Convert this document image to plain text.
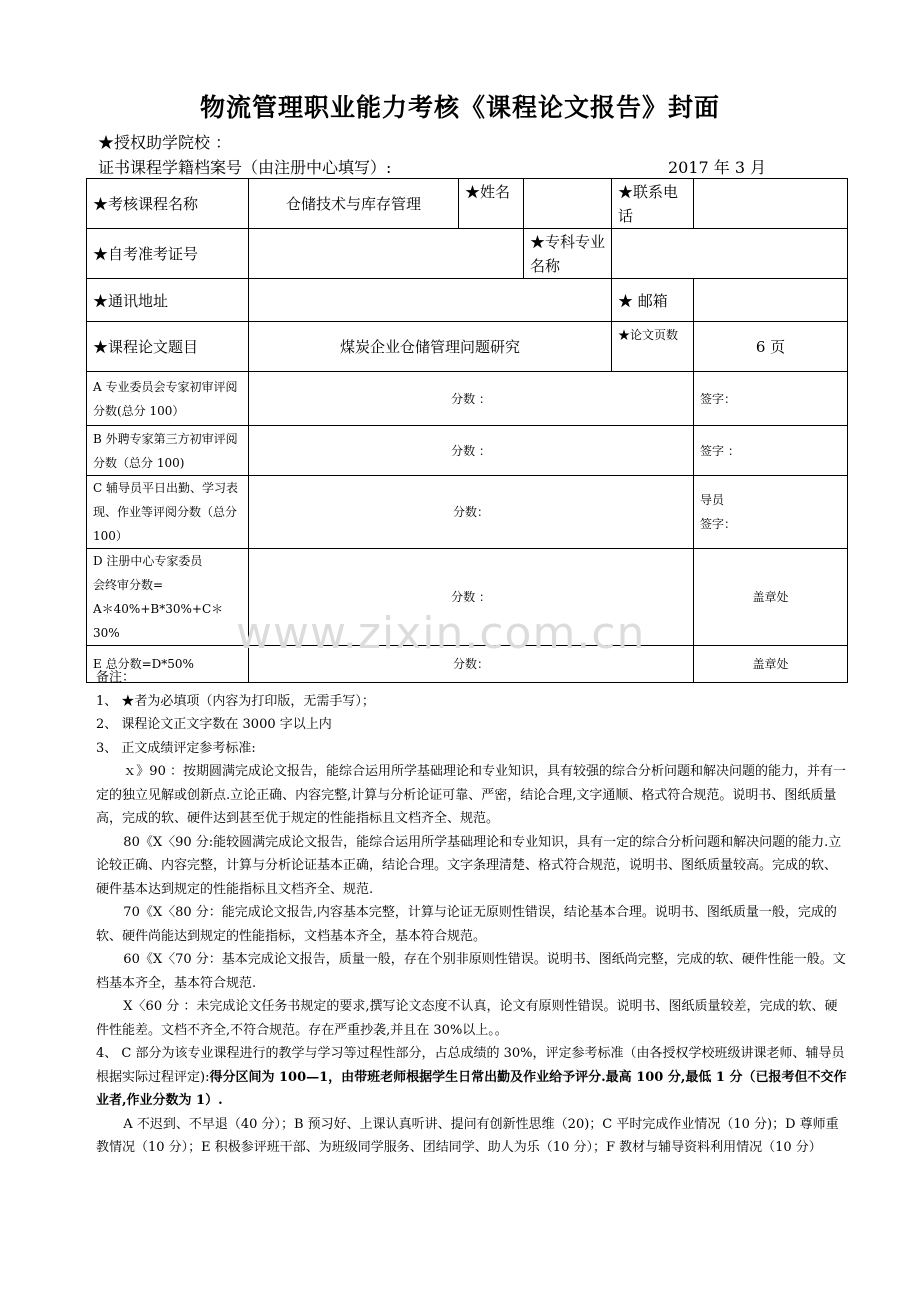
物流管理职业能力考核《课程论文报告》封面
★授权助学院校 ：
证书课程学籍档案号（由注册中心填写）:	2017 年 3 月
★考核课程名称	仓储技术与库存管理	★姓名		★联系电话	
★自考准考证号			★专科专业名称		
★通讯地址				★ 邮箱	
★课程论文题目	煤炭企业仓储管理问题研究			★论文页数	6 页
A 专业委员会专家初审评阅分数(总分 100）	分数 ：				签字：
B 外聘专家第三方初审评阅分数（总分 100)	分数 ：				签字 ：
C 辅导员平日出勤、学习表现、作业等评阅分数（总分 100）	分数：				导员
签字：

D 注册中心专家委员
会终审分数=
A＊40%+B*30%+C＊30%	分数 ：				盖章处
E 总分数=D*50%	分数：				盖章处
www.zixin.com.cn

备注：

1、 ★者为必填项（内容为打印版，无需手写）；

2、 课程论文正文字数在 3000 字以上内

3、 正文成绩评定参考标准:

ｘ》90 ：按期圆满完成论文报告，能综合运用所学基础理论和专业知识，具有较强的综合分析问题和解决问题的能力，并有一定的独立见解或创新点.立论正确、内容完整,计算与分析论证可靠、严密，结论合理,文字通顺、格式符合规范。说明书、图纸质量高，完成的软、硬件达到甚至优于规定的性能指标且文档齐全、规范。

80《X〈90 分:能较圆满完成论文报告，能综合运用所学基础理论和专业知识，具有一定的综合分析问题和解决问题的能力.立论较正确、内容完整，计算与分析论证基本正确，结论合理。文字条理清楚、格式符合规范，说明书、图纸质量较高。完成的软、硬件基本达到规定的性能指标且文档齐全、规范.

70《X〈80 分：能完成论文报告,内容基本完整，计算与论证无原则性错误，结论基本合理。说明书、图纸质量一般，完成的软、硬件尚能达到规定的性能指标，文档基本齐全，基本符合规范。

60《X〈70 分：基本完成论文报告，质量一般，存在个别非原则性错误。说明书、图纸尚完整，完成的软、硬件性能一般。文档基本齐全，基本符合规范.

X〈60 分 ：未完成论文任务书规定的要求,撰写论文态度不认真，论文有原则性错误。说明书、图纸质量较差，完成的软、硬件性能差。文档不齐全,不符合规范。存在严重抄袭,并且在 30%以上。。

4、 C 部分为该专业课程进行的教学与学习等过程性部分，占总成绩的 30%，评定参考标准（由各授权学校班级讲课老师、辅导员根据实际过程评定):得分区间为 100—1，由带班老师根据学生日常出勤及作业给予评分.最高 100 分,最低 1 分（已报考但不交作业者,作业分数为 1）.

A 不迟到、不早退（40 分）；B 预习好、上课认真听讲、提问有创新性思维（20)；C 平时完成作业情况（10 分)；D 尊师重教情况（10 分）；E 积极参评班干部、为班级同学服务、团结同学、助人为乐（10 分）；F 教材与辅导资料利用情况（10 分）
